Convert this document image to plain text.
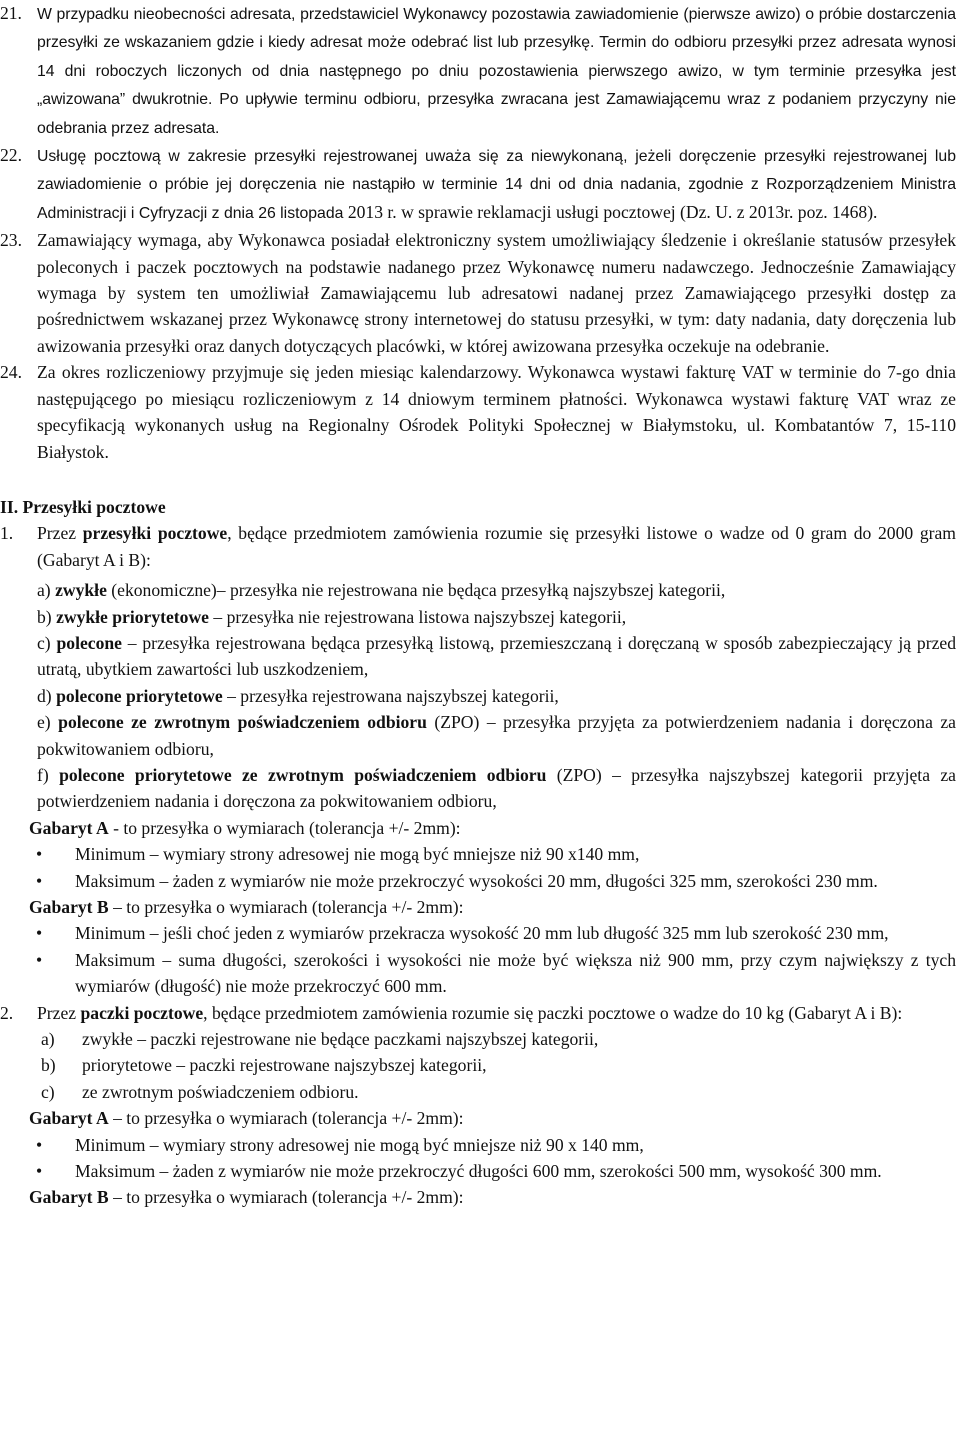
21. W przypadku nieobecności adresata, przedstawiciel Wykonawcy pozostawia zawiadomienie (pierwsze awizo) o próbie dostarczenia przesyłki ze wskazaniem gdzie i kiedy adresat może odebrać list lub przesyłkę. Termin do odbioru przesyłki przez adresata wynosi 14 dni roboczych liczonych od dnia następnego po dniu pozostawienia pierwszego awizo, w tym terminie przesyłka jest „awizowana” dwukrotnie. Po upływie terminu odbioru, przesyłka zwracana jest Zamawiającemu wraz z podaniem przyczyny nie odebrania przez adresata.
22. Usługę pocztową w zakresie przesyłki rejestrowanej uważa się za niewykonaną, jeżeli doręczenie przesyłki rejestrowanej lub zawiadomienie o próbie jej doręczenia nie nastąpiło w terminie 14 dni od dnia nadania, zgodnie z Rozporządzeniem Ministra Administracji i Cyfryzacji z dnia 26 listopada 2013 r. w sprawie reklamacji usługi pocztowej (Dz. U. z 2013r. poz. 1468).
23. Zamawiający wymaga, aby Wykonawca posiadał elektroniczny system umożliwiający śledzenie i określanie statusów przesyłek poleconych i paczek pocztowych na podstawie nadanego przez Wykonawcę numeru nadawczego. Jednocześnie Zamawiający wymaga by system ten umożliwiał Zamawiającemu lub adresatowi nadanej przez Zamawiającego przesyłki dostęp za pośrednictwem wskazanej przez Wykonawcę strony internetowej do statusu przesyłki, w tym: daty nadania, daty doręczenia lub awizowania przesyłki oraz danych dotyczących placówki, w której awizowana przesyłka oczekuje na odebranie.
24. Za okres rozliczeniowy przyjmuje się jeden miesiąc kalendarzowy. Wykonawca wystawi fakturę VAT w terminie do 7-go dnia następującego po miesiącu rozliczeniowym z 14 dniowym terminem płatności. Wykonawca wystawi fakturę VAT wraz ze specyfikacją wykonanych usług na Regionalny Ośrodek Polityki Społecznej w Białymstoku, ul. Kombatantów 7, 15-110 Białystok.
II. Przesyłki pocztowe
1. Przez przesyłki pocztowe, będące przedmiotem zamówienia rozumie się przesyłki listowe o wadze od 0 gram do 2000 gram (Gabaryt A i B):
a) zwykłe (ekonomiczne)– przesyłka nie rejestrowana nie będąca przesyłką najszybszej kategorii,
b) zwykłe priorytetowe – przesyłka nie rejestrowana listowa najszybszej kategorii,
c) polecone – przesyłka rejestrowana będąca przesyłką listową, przemieszczaną i doręczaną w sposób zabezpieczający ją przed utratą, ubytkiem zawartości lub uszkodzeniem,
d) polecone priorytetowe – przesyłka rejestrowana najszybszej kategorii,
e) polecone ze zwrotnym poświadczeniem odbioru (ZPO) – przesyłka przyjęta za potwierdzeniem nadania i doręczona za pokwitowaniem odbioru,
f) polecone priorytetowe ze zwrotnym poświadczeniem odbioru (ZPO) – przesyłka najszybszej kategorii przyjęta za potwierdzeniem nadania i doręczona za pokwitowaniem odbioru,
Gabaryt A - to przesyłka o wymiarach (tolerancja +/- 2mm):
• Minimum – wymiary strony adresowej nie mogą być mniejsze niż 90 x140 mm,
• Maksimum – żaden z wymiarów nie może przekroczyć wysokości 20 mm, długości 325 mm, szerokości 230 mm.
Gabaryt B – to przesyłka o wymiarach (tolerancja +/- 2mm):
• Minimum – jeśli choć jeden z wymiarów przekracza wysokość 20 mm lub długość 325 mm lub szerokość 230 mm,
• Maksimum – suma długości, szerokości i wysokości nie może być większa niż 900 mm, przy czym największy z tych wymiarów (długość) nie może przekroczyć 600 mm.
2. Przez paczki pocztowe, będące przedmiotem zamówienia rozumie się paczki pocztowe o wadze do 10 kg (Gabaryt A i B):
a) zwykłe – paczki rejestrowane nie będące paczkami najszybszej kategorii,
b) priorytetowe – paczki rejestrowane najszybszej kategorii,
c) ze zwrotnym poświadczeniem odbioru.
Gabaryt A – to przesyłka o wymiarach (tolerancja +/- 2mm):
• Minimum – wymiary strony adresowej nie mogą być mniejsze niż 90 x 140 mm,
• Maksimum – żaden z wymiarów nie może przekroczyć długości 600 mm, szerokości 500 mm, wysokość 300 mm.
Gabaryt B – to przesyłka o wymiarach (tolerancja +/- 2mm):
